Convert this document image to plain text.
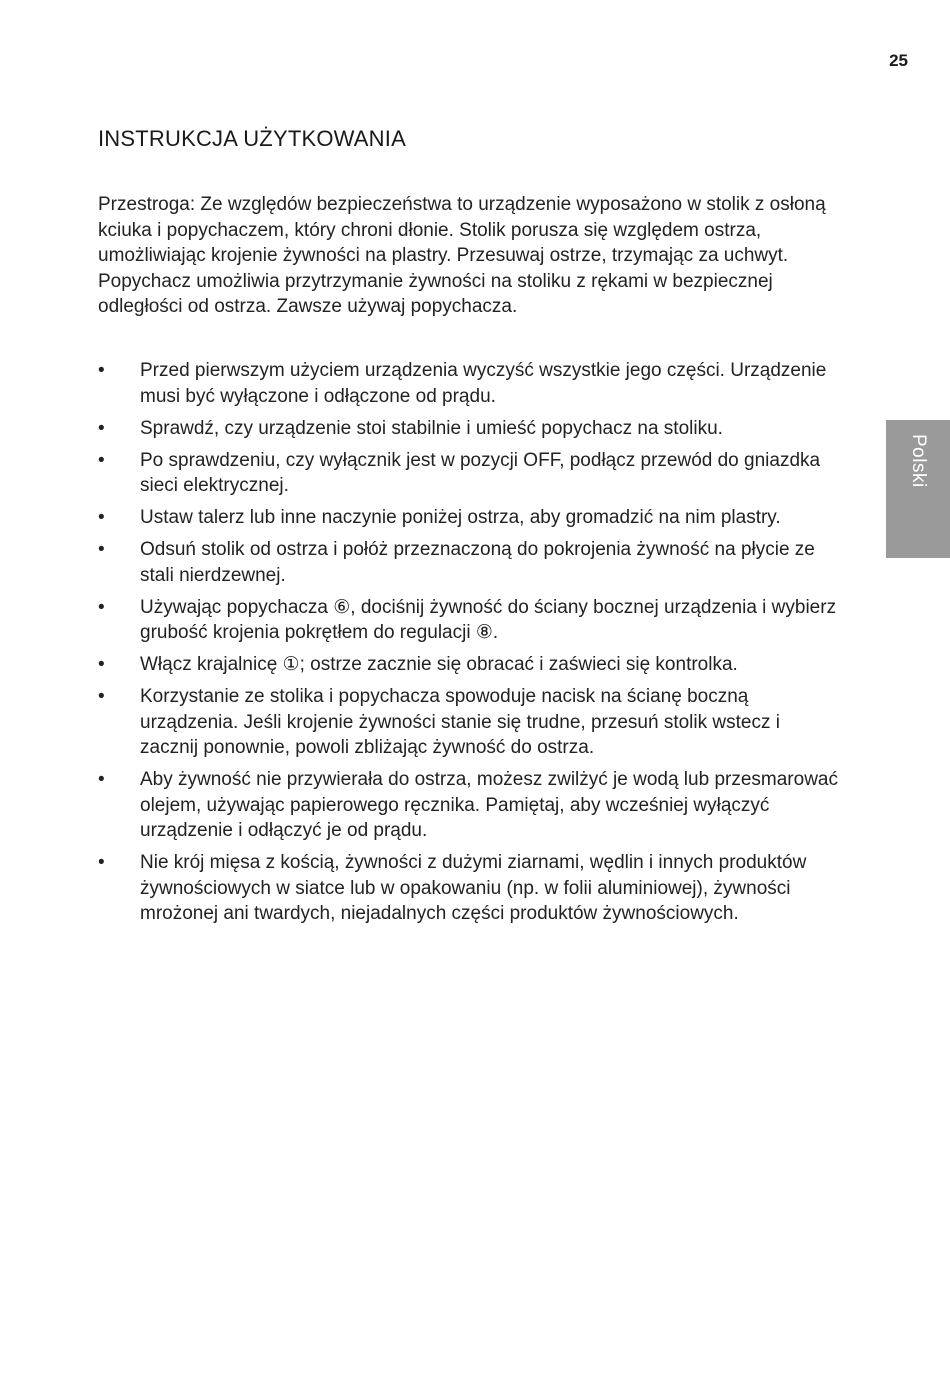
25
INSTRUKCJA UŻYTKOWANIA

Przestroga: Ze względów bezpieczeństwa to urządzenie wyposażono w stolik z osłoną kciuka i popychaczem, który chroni dłonie. Stolik porusza się względem ostrza, umożliwiając krojenie żywności na plastry. Przesuwaj ostrze, trzymając za uchwyt. Popychacz umożliwia przytrzymanie żywności na stoliku z rękami w bezpiecznej odległości od ostrza. Zawsze używaj popychacza.

• Przed pierwszym użyciem urządzenia wyczyść wszystkie jego części. Urządzenie musi być wyłączone i odłączone od prądu.
• Sprawdź, czy urządzenie stoi stabilnie i umieść popychacz na stoliku.
• Po sprawdzeniu, czy wyłącznik jest w pozycji OFF, podłącz przewód do gniazdka sieci elektrycznej.
• Ustaw talerz lub inne naczynie poniżej ostrza, aby gromadzić na nim plastry.
• Odsuń stolik od ostrza i połóż przeznaczoną do pokrojenia żywność na płycie ze stali nierdzewnej.
• Używając popychacza ⑥, dociśnij żywność do ściany bocznej urządzenia i wybierz grubość krojenia pokrętłem do regulacji ⑧.
• Włącz krajalnicę ①; ostrze zacznie się obracać i zaświeci się kontrolka.
• Korzystanie ze stolika i popychacza spowoduje nacisk na ścianę boczną urządzenia. Jeśli krojenie żywności stanie się trudne, przesuń stolik wstecz i zacznij ponownie, powoli zbliżając żywność do ostrza.
• Aby żywność nie przywierała do ostrza, możesz zwilżyć je wodą lub przesmarować olejem, używając papierowego ręcznika. Pamiętaj, aby wcześniej wyłączyć urządzenie i odłączyć je od prądu.
• Nie krój mięsa z kością, żywności z dużymi ziarnami, wędlin i innych produktów żywnościowych w siatce lub w opakowaniu (np. w folii aluminiowej), żywności mrożonej ani twardych, niejadalnych części produktów żywnościowych.
Polski
